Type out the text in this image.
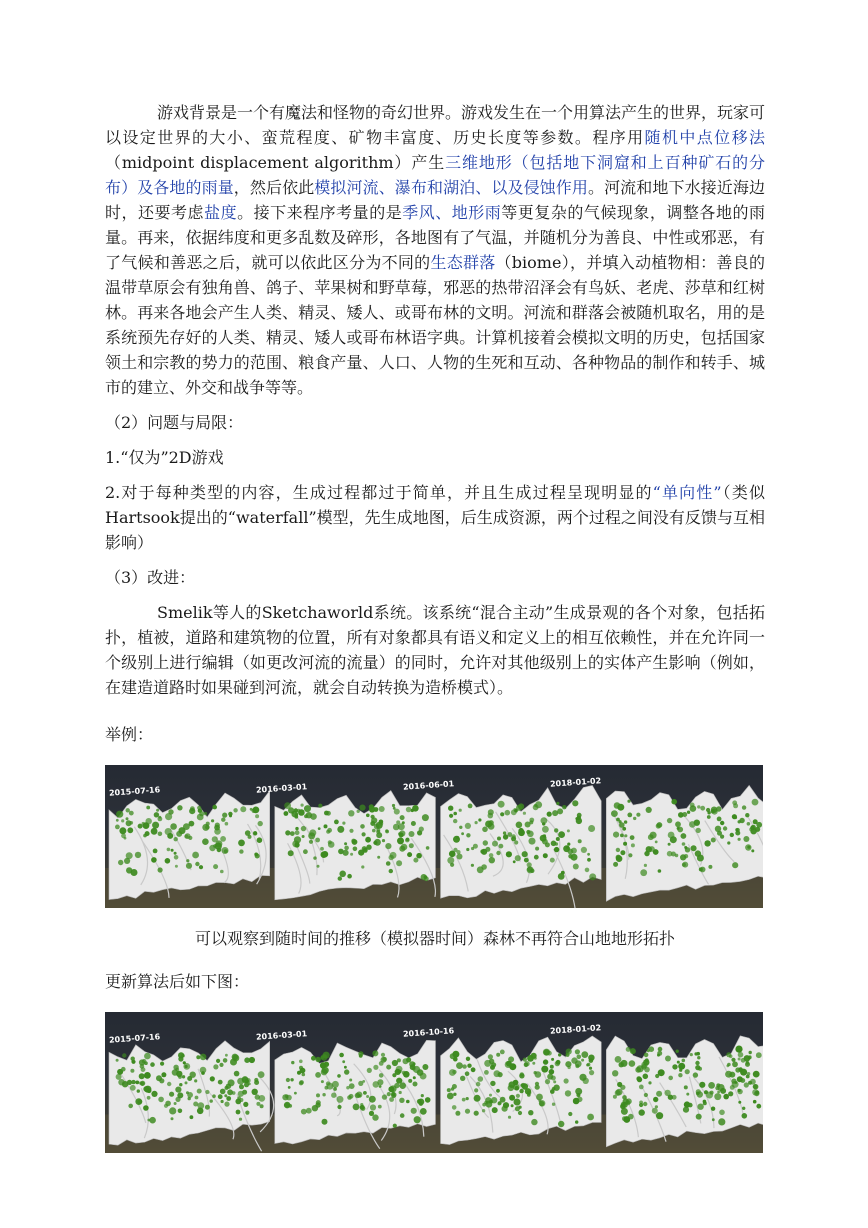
游戏背景是一个有魔法和怪物的奇幻世界。游戏发生在一个用算法产生的世界，玩家可以设定世界的大小、蛮荒程度、矿物丰富度、历史长度等参数。程序用随机中点位移法（midpoint displacement algorithm）产生三维地形（包括地下洞窟和上百种矿石的分布）及各地的雨量，然后依此模拟河流、瀑布和湖泊、以及侵蚀作用。河流和地下水接近海边时，还要考虑盐度。接下来程序考量的是季风、地形雨等更复杂的气候现象，调整各地的雨量。再来，依据纬度和更多乱数及碎形，各地图有了气温，并随机分为善良、中性或邪恶，有了气候和善恶之后，就可以依此区分为不同的生态群落（biome），并填入动植物相：善良的温带草原会有独角兽、鸽子、苹果树和野草莓，邪恶的热带沼泽会有鸟妖、老虎、莎草和红树林。再来各地会产生人类、精灵、矮人、或哥布林的文明。河流和群落会被随机取名，用的是系统预先存好的人类、精灵、矮人或哥布林语字典。计算机接着会模拟文明的历史，包括国家领土和宗教的势力的范围、粮食产量、人口、人物的生死和互动、各种物品的制作和转手、城市的建立、外交和战争等等。

（2）问题与局限：

1.“仅为”2D游戏

2.对于每种类型的内容，生成过程都过于简单，并且生成过程呈现明显的“单向性”（类似Hartsook提出的“waterfall”模型，先生成地图，后生成资源，两个过程之间没有反馈与互相影响）

（3）改进：

Smelik等人的Sketchaworld系统。该系统“混合主动”生成景观的各个对象，包括拓扑，植被，道路和建筑物的位置，所有对象都具有语义和定义上的相互依赖性，并在允许同一个级别上进行编辑（如更改河流的流量）的同时，允许对其他级别上的实体产生影响（例如，在建造道路时如果碰到河流，就会自动转换为造桥模式）。

举例：

2015-07-16	2016-03-01	2016-06-01	2018-01-02

可以观察到随时间的推移（模拟器时间）森林不再符合山地地形拓扑

更新算法后如下图：

2015-07-16	2016-03-01	2016-10-16	2018-01-02
